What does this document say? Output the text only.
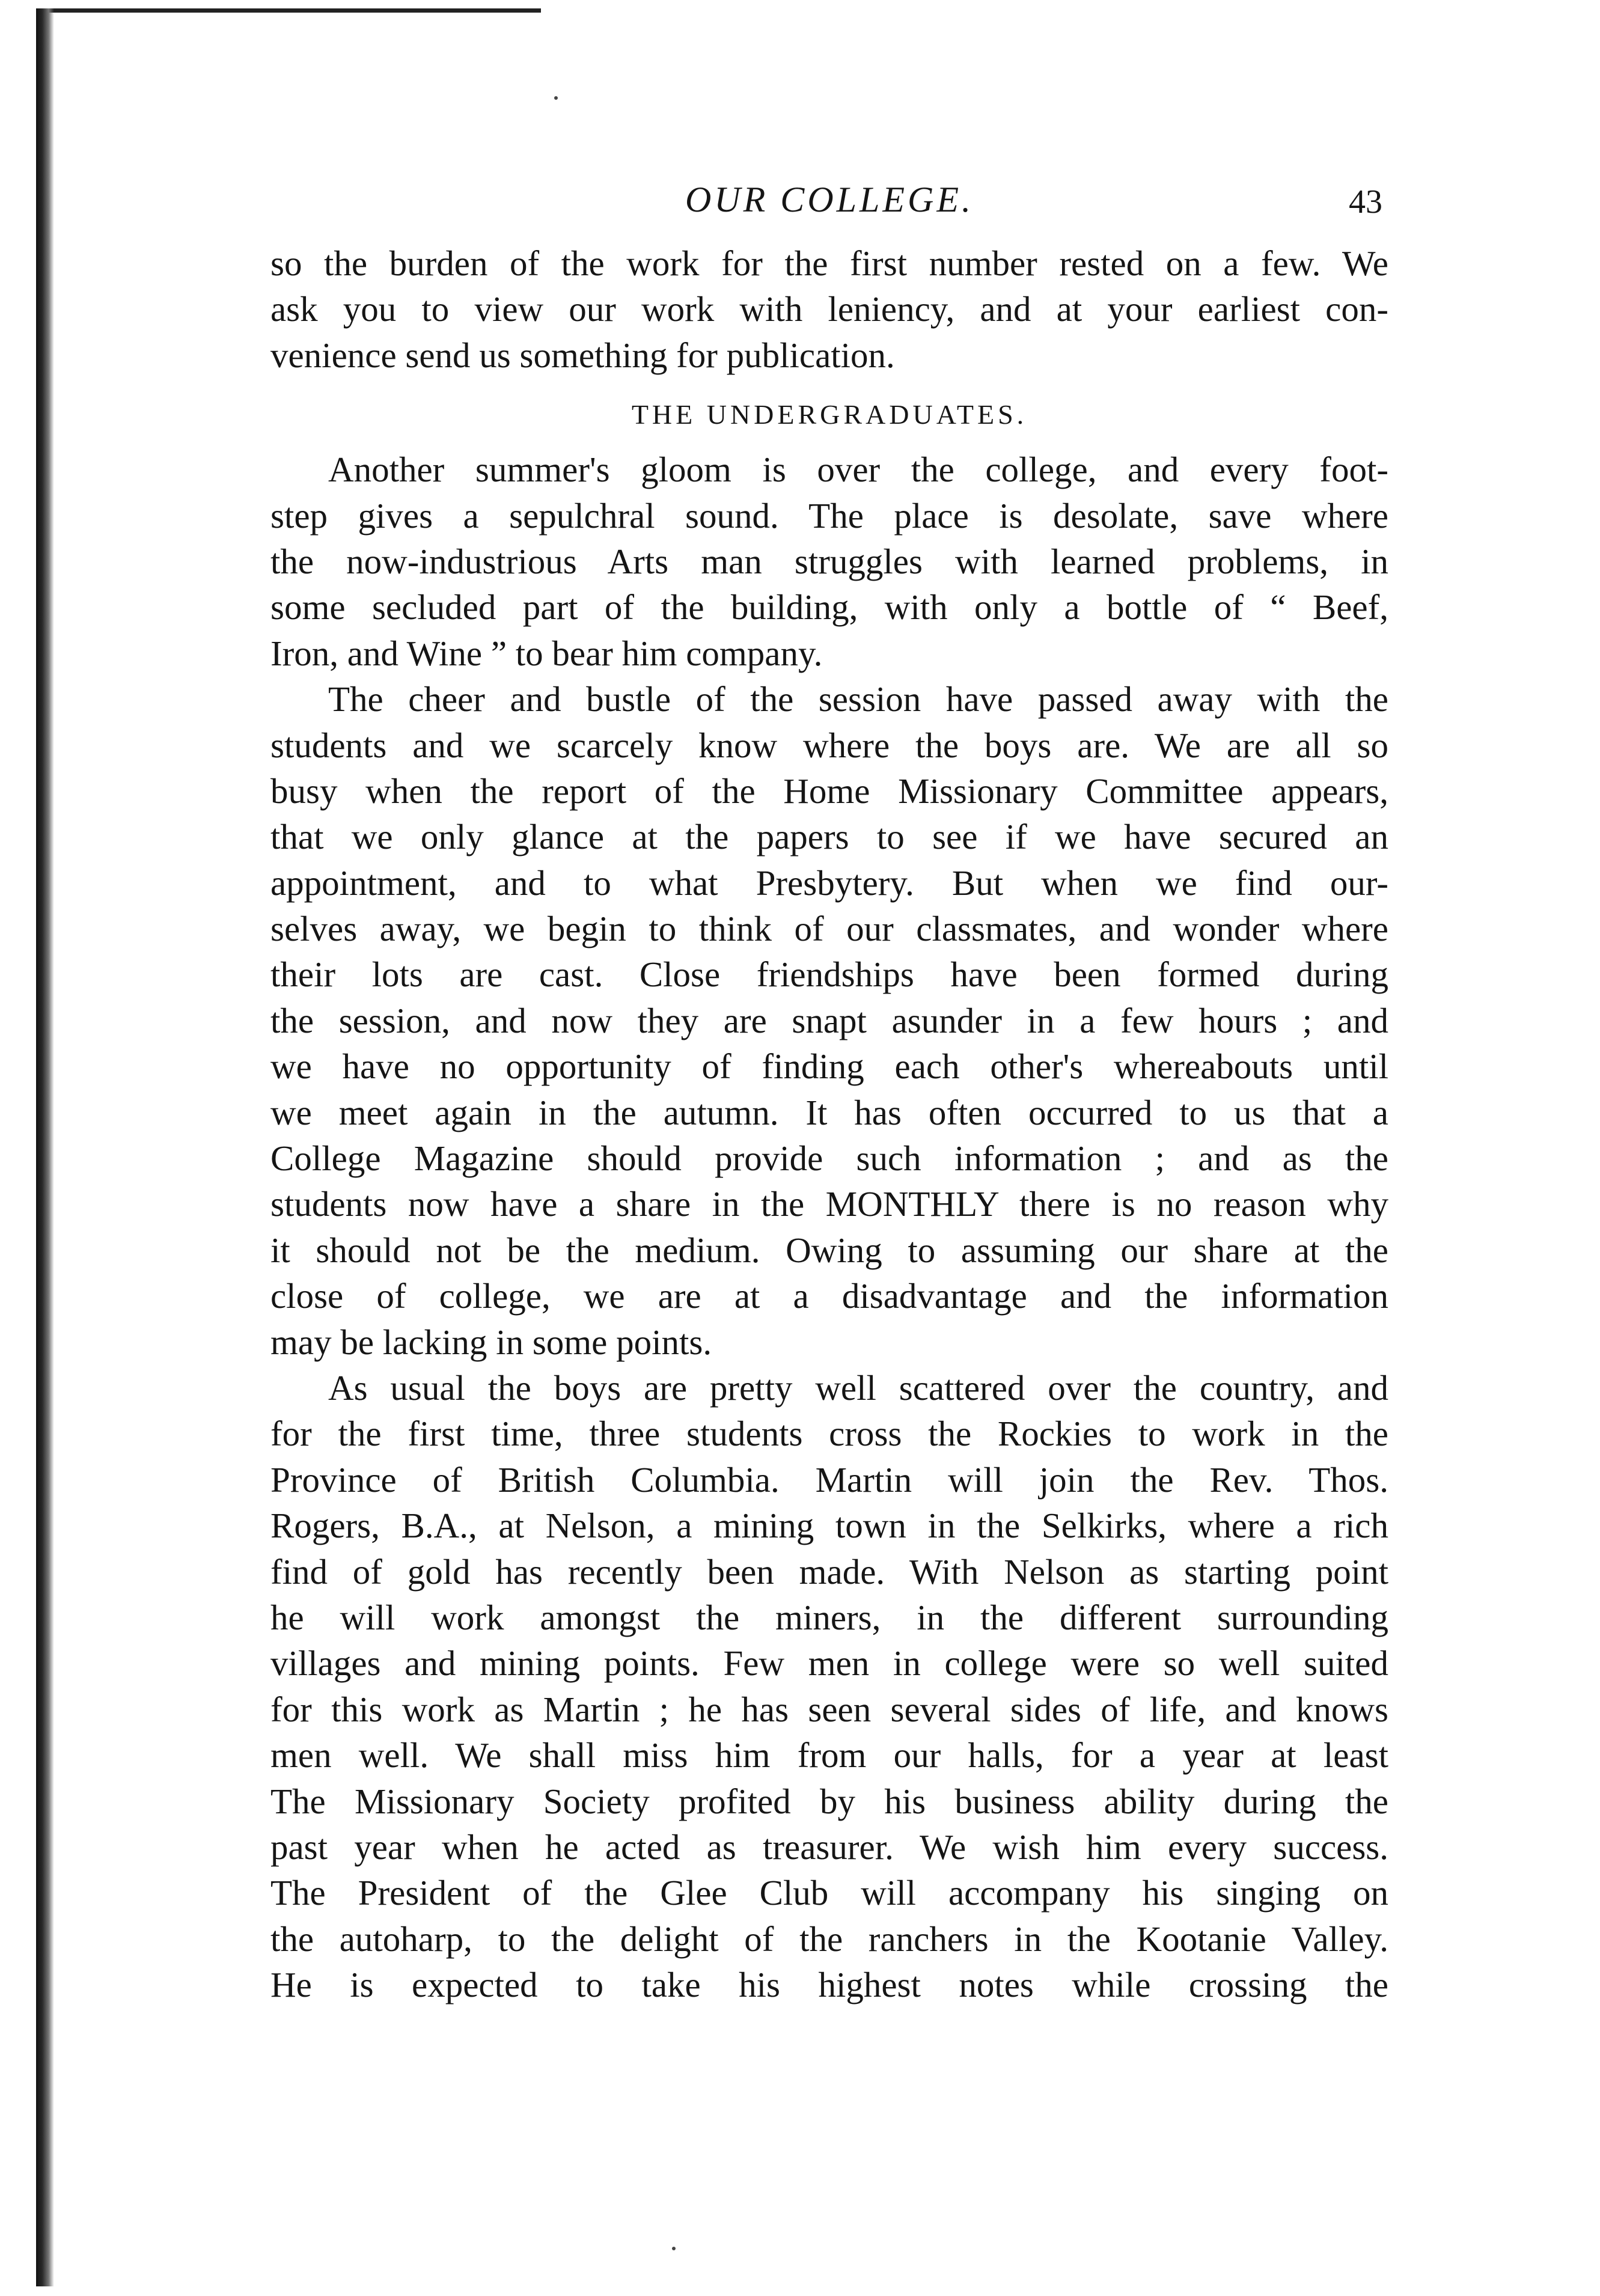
OUR COLLEGE.	43
so the burden of the work for the first number rested on a few. We
ask you to view our work with leniency, and at your earliest con-
venience send us something for publication.
THE UNDERGRADUATES.
Another summer's gloom is over the college, and every foot-
step gives a sepulchral sound. The place is desolate, save where
the now-industrious Arts man struggles with learned problems, in
some secluded part of the building, with only a bottle of “ Beef,
Iron, and Wine ” to bear him company.
The cheer and bustle of the session have passed away with the
students and we scarcely know where the boys are. We are all so
busy when the report of the Home Missionary Committee appears,
that we only glance at the papers to see if we have secured an
appointment, and to what Presbytery. But when we find our-
selves away, we begin to think of our classmates, and wonder where
their lots are cast. Close friendships have been formed during
the session, and now they are snapt asunder in a few hours ; and
we have no opportunity of finding each other's whereabouts until
we meet again in the autumn. It has often occurred to us that a
College Magazine should provide such information ; and as the
students now have a share in the MONTHLY there is no reason why
it should not be the medium. Owing to assuming our share at the
close of college, we are at a disadvantage and the information
may be lacking in some points.
As usual the boys are pretty well scattered over the country, and
for the first time, three students cross the Rockies to work in the
Province of British Columbia. Martin will join the Rev. Thos.
Rogers, B.A., at Nelson, a mining town in the Selkirks, where a rich
find of gold has recently been made. With Nelson as starting point
he will work amongst the miners, in the different surrounding
villages and mining points. Few men in college were so well suited
for this work as Martin ; he has seen several sides of life, and knows
men well. We shall miss him from our halls, for a year at least
The Missionary Society profited by his business ability during the
past year when he acted as treasurer. We wish him every success.
The President of the Glee Club will accompany his singing on
the autoharp, to the delight of the ranchers in the Kootanie Valley.
He is expected to take his highest notes while crossing the
